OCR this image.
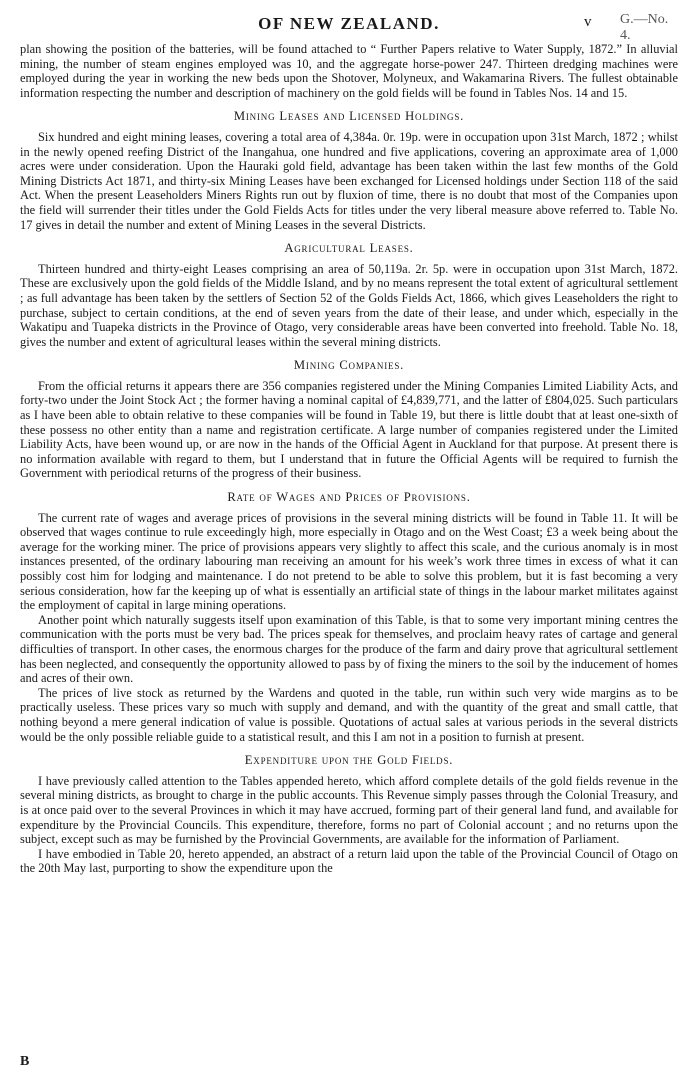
OF NEW ZEALAND.	v G.—No. 4.

plan showing the position of the batteries, will be found attached to “ Further Papers relative to Water Supply, 1872.” In alluvial mining, the number of steam engines employed was 10, and the aggregate horse-power 247. Thirteen dredging machines were employed during the year in working the new beds upon the Shotover, Molyneux, and Wakamarina Rivers. The fullest obtainable information respecting the number and description of machinery on the gold fields will be found in Tables Nos. 14 and 15.

Mining Leases and Licensed Holdings.

Six hundred and eight mining leases, covering a total area of 4,384a. 0r. 19p. were in occupation upon 31st March, 1872 ; whilst in the newly opened reefing District of the Inangahua, one hundred and five applications, covering an approximate area of 1,000 acres were under consideration. Upon the Hauraki gold field, advantage has been taken within the last few months of the Gold Mining Districts Act 1871, and thirty-six Mining Leases have been exchanged for Licensed holdings under Section 118 of the said Act. When the present Leaseholders Miners Rights run out by fluxion of time, there is no doubt that most of the Companies upon the field will surrender their titles under the Gold Fields Acts for titles under the very liberal measure above referred to. Table No. 17 gives in detail the number and extent of Mining Leases in the several Districts.

Agricultural Leases.

Thirteen hundred and thirty-eight Leases comprising an area of 50,119a. 2r. 5p. were in occupation upon 31st March, 1872. These are exclusively upon the gold fields of the Middle Island, and by no means represent the total extent of agricultural settlement ; as full advantage has been taken by the settlers of Section 52 of the Golds Fields Act, 1866, which gives Leaseholders the right to purchase, subject to certain conditions, at the end of seven years from the date of their lease, and under which, especially in the Wakatipu and Tuapeka districts in the Province of Otago, very considerable areas have been converted into freehold. Table No. 18, gives the number and extent of agricultural leases within the several mining districts.

Mining Companies.

From the official returns it appears there are 356 companies registered under the Mining Companies Limited Liability Acts, and forty-two under the Joint Stock Act ; the former having a nominal capital of £4,839,771, and the latter of £804,025. Such particulars as I have been able to obtain relative to these companies will be found in Table 19, but there is little doubt that at least one-sixth of these possess no other entity than a name and registration certificate. A large number of companies registered under the Limited Liability Acts, have been wound up, or are now in the hands of the Official Agent in Auckland for that purpose. At present there is no information available with regard to them, but I understand that in future the Official Agents will be required to furnish the Government with periodical returns of the progress of their business.

Rate of Wages and Prices of Provisions.

The current rate of wages and average prices of provisions in the several mining districts will be found in Table 11. It will be observed that wages continue to rule exceedingly high, more especially in Otago and on the West Coast; £3 a week being about the average for the working miner. The price of provisions appears very slightly to affect this scale, and the curious anomaly is in most instances presented, of the ordinary labouring man receiving an amount for his week’s work three times in excess of what it can possibly cost him for lodging and maintenance. I do not pretend to be able to solve this problem, but it is fast becoming a very serious consideration, how far the keeping up of what is essentially an artificial state of things in the labour market militates against the employment of capital in large mining operations.

Another point which naturally suggests itself upon examination of this Table, is that to some very important mining centres the communication with the ports must be very bad. The prices speak for themselves, and proclaim heavy rates of cartage and general difficulties of transport. In other cases, the enormous charges for the produce of the farm and dairy prove that agricultural settlement has been neglected, and consequently the opportunity allowed to pass by of fixing the miners to the soil by the inducement of homes and acres of their own.

The prices of live stock as returned by the Wardens and quoted in the table, run within such very wide margins as to be practically useless. These prices vary so much with supply and demand, and with the quantity of the great and small cattle, that nothing beyond a mere general indication of value is possible. Quotations of actual sales at various periods in the several districts would be the only possible reliable guide to a statistical result, and this I am not in a position to furnish at present.

Expenditure upon the Gold Fields.

I have previously called attention to the Tables appended hereto, which afford complete details of the gold fields revenue in the several mining districts, as brought to charge in the public accounts. This Revenue simply passes through the Colonial Treasury, and is at once paid over to the several Provinces in which it may have accrued, forming part of their general land fund, and available for expenditure by the Provincial Councils. This expenditure, therefore, forms no part of Colonial account ; and no returns upon the subject, except such as may be furnished by the Provincial Governments, are available for the information of Parliament.

I have embodied in Table 20, hereto appended, an abstract of a return laid upon the table of the Provincial Council of Otago on the 20th May last, purporting to show the expenditure upon the

B
